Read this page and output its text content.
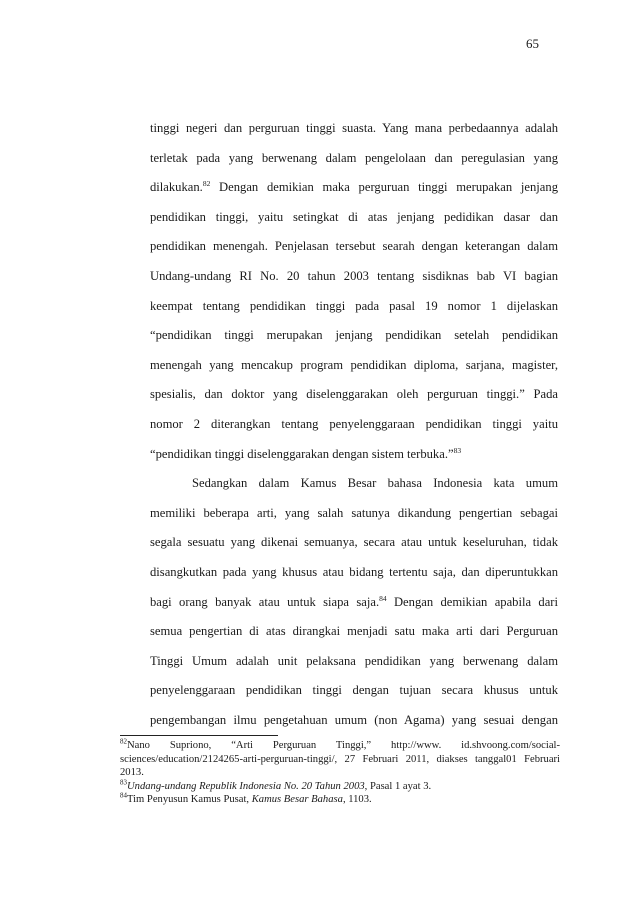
65
tinggi negeri dan perguruan tinggi suasta. Yang mana perbedaannya adalah
terletak pada yang berwenang dalam pengelolaan dan peregulasian yang
dilakukan.$^{82}$ Dengan demikian maka perguruan tinggi merupakan jenjang
pendidikan tinggi, yaitu setingkat di atas jenjang pedidikan dasar dan
pendidikan menengah. Penjelasan tersebut searah dengan keterangan dalam
Undang-undang RI No. 20 tahun 2003 tentang sisdiknas bab VI bagian
keempat tentang pendidikan tinggi pada pasal 19 nomor 1 dijelaskan
“pendidikan tinggi merupakan jenjang pendidikan setelah pendidikan
menengah yang mencakup program pendidikan diploma, sarjana, magister,
spesialis, dan doktor yang diselenggarakan oleh perguruan tinggi.” Pada
nomor 2 diterangkan tentang penyelenggaraan pendidikan tinggi yaitu
“pendidikan tinggi diselenggarakan dengan sistem terbuka.”$^{83}$
Sedangkan dalam Kamus Besar bahasa Indonesia kata umum
memiliki beberapa arti, yang salah satunya dikandung pengertian sebagai
segala sesuatu yang dikenai semuanya, secara atau untuk keseluruhan, tidak
disangkutkan pada yang khusus atau bidang tertentu saja, dan diperuntukkan
bagi orang banyak atau untuk siapa saja.$^{84}$ Dengan demikian apabila dari
semua pengertian di atas dirangkai menjadi satu maka arti dari Perguruan
Tinggi Umum adalah unit pelaksana pendidikan yang berwenang dalam
penyelenggaraan pendidikan tinggi dengan tujuan secara khusus untuk
pengembangan ilmu pengetahuan umum (non Agama) yang sesuai dengan
$^{82}$Nano Supriono, “Arti Perguruan Tinggi,” http://www. id.shvoong.com/social-
sciences/education/2124265-arti-perguruan-tinggi/, 27 Februari 2011, diakses tanggal01 Februari
2013.
$^{83}$Undang-undang Republik Indonesia No. 20 Tahun 2003, Pasal 1 ayat 3.
$^{84}$Tim Penyusun Kamus Pusat, Kamus Besar Bahasa, 1103.
